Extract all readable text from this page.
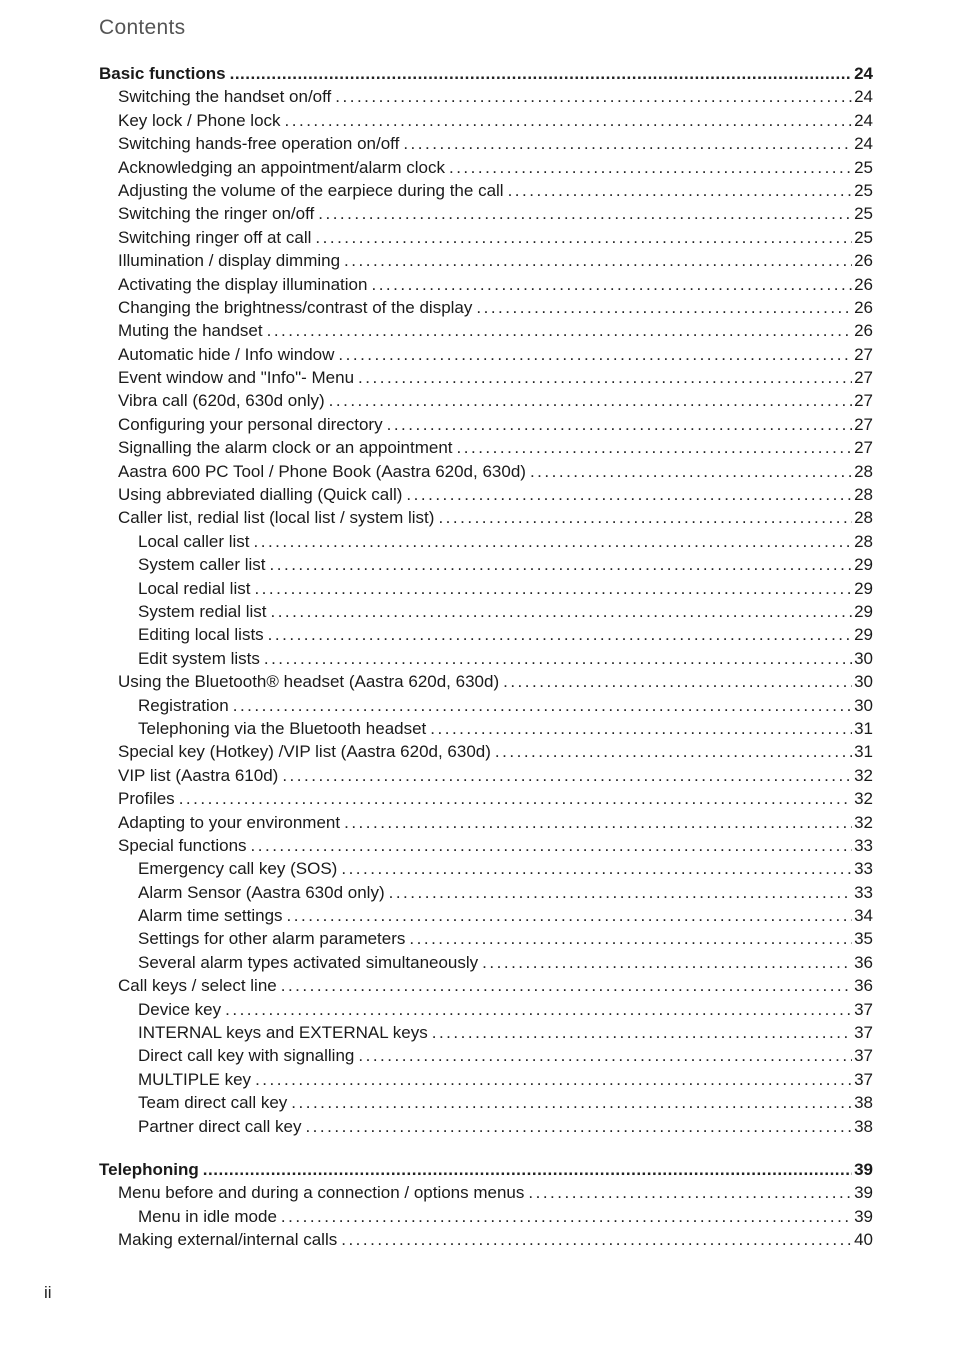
Contents
Basic functions .....	24
Switching the handset on/off .....	24
Key lock / Phone lock .....	24
Switching hands-free operation on/off .....	24
Acknowledging an appointment/alarm clock .....	25
Adjusting the volume of the earpiece during the call .....	25
Switching the ringer on/off .....	25
Switching ringer off at call .....	25
Illumination / display dimming .....	26
Activating the display illumination .....	26
Changing the brightness/contrast of the display .....	26
Muting the handset .....	26
Automatic hide / Info window .....	27
Event window and "Info"- Menu .....	27
Vibra call (620d, 630d only) .....	27
Configuring your personal directory .....	27
Signalling the alarm clock or an appointment .....	27
Aastra 600 PC Tool / Phone Book (Aastra 620d, 630d) .....	28
Using abbreviated dialling (Quick call) .....	28
Caller list, redial list (local list / system list) .....	28
Local caller list .....	28
System caller list .....	29
Local redial list .....	29
System redial list .....	29
Editing local lists .....	29
Edit system lists .....	30
Using the Bluetooth® headset (Aastra 620d, 630d) .....	30
Registration .....	30
Telephoning via the Bluetooth headset .....	31
Special key (Hotkey) /VIP list (Aastra 620d, 630d) .....	31
VIP list (Aastra 610d) .....	32
Profiles .....	32
Adapting to your environment .....	32
Special functions .....	33
Emergency call key (SOS) .....	33
Alarm Sensor (Aastra 630d only) .....	33
Alarm time settings .....	34
Settings for other alarm parameters .....	35
Several alarm types activated simultaneously .....	36
Call keys / select line .....	36
Device key .....	37
INTERNAL keys and EXTERNAL keys .....	37
Direct call key with signalling .....	37
MULTIPLE key .....	37
Team direct call key .....	38
Partner direct call key .....	38
Telephoning .....	39
Menu before and during a connection / options menus .....	39
Menu in idle mode .....	39
Making external/internal calls .....	40
ii
